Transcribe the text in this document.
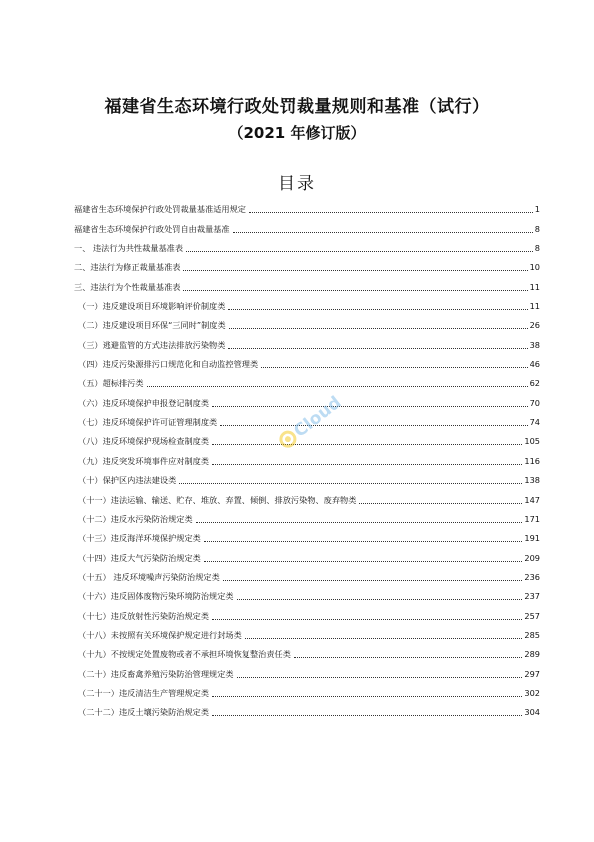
福建省生态环境行政处罚裁量规则和基准（试行）
（2021 年修订版）
目录
福建省生态环境保护行政处罚裁量基准适用规定	1
福建省生态环境保护行政处罚自由裁量基准	8
一、 违法行为共性裁量基准表	8
二、违法行为修正裁量基准表	10
三、违法行为个性裁量基准表	11
（一）违反建设项目环境影响评价制度类	11
（二）违反建设项目环保“三同时”制度类	26
（三）逃避监管的方式违法排放污染物类	38
（四）违反污染源排污口规范化和自动监控管理类	46
（五）超标排污类	62
（六）违反环境保护申报登记制度类	70
（七）违反环境保护许可证管理制度类	74
（八）违反环境保护现场检查制度类	105
（九）违反突发环境事件应对制度类	116
（十）保护区内违法建设类	138
（十一）违法运输、输送、贮存、堆放、弃置、倾倒、排放污染物、废弃物类	147
（十二）违反水污染防治规定类	171
（十三）违反海洋环境保护规定类	191
（十四）违反大气污染防治规定类	209
（十五） 违反环境噪声污染防治规定类	236
（十六）违反固体废物污染环境防治规定类	237
（十七）违反放射性污染防治规定类	257
（十八）未按照有关环境保护规定进行封场类	285
（十九）不按规定处置废物或者不承担环境恢复整治责任类	289
（二十）违反畜禽养殖污染防治管理规定类	297
（二十一）违反清洁生产管理规定类	302
（二十二）违反土壤污染防治规定类	304
Cloud
